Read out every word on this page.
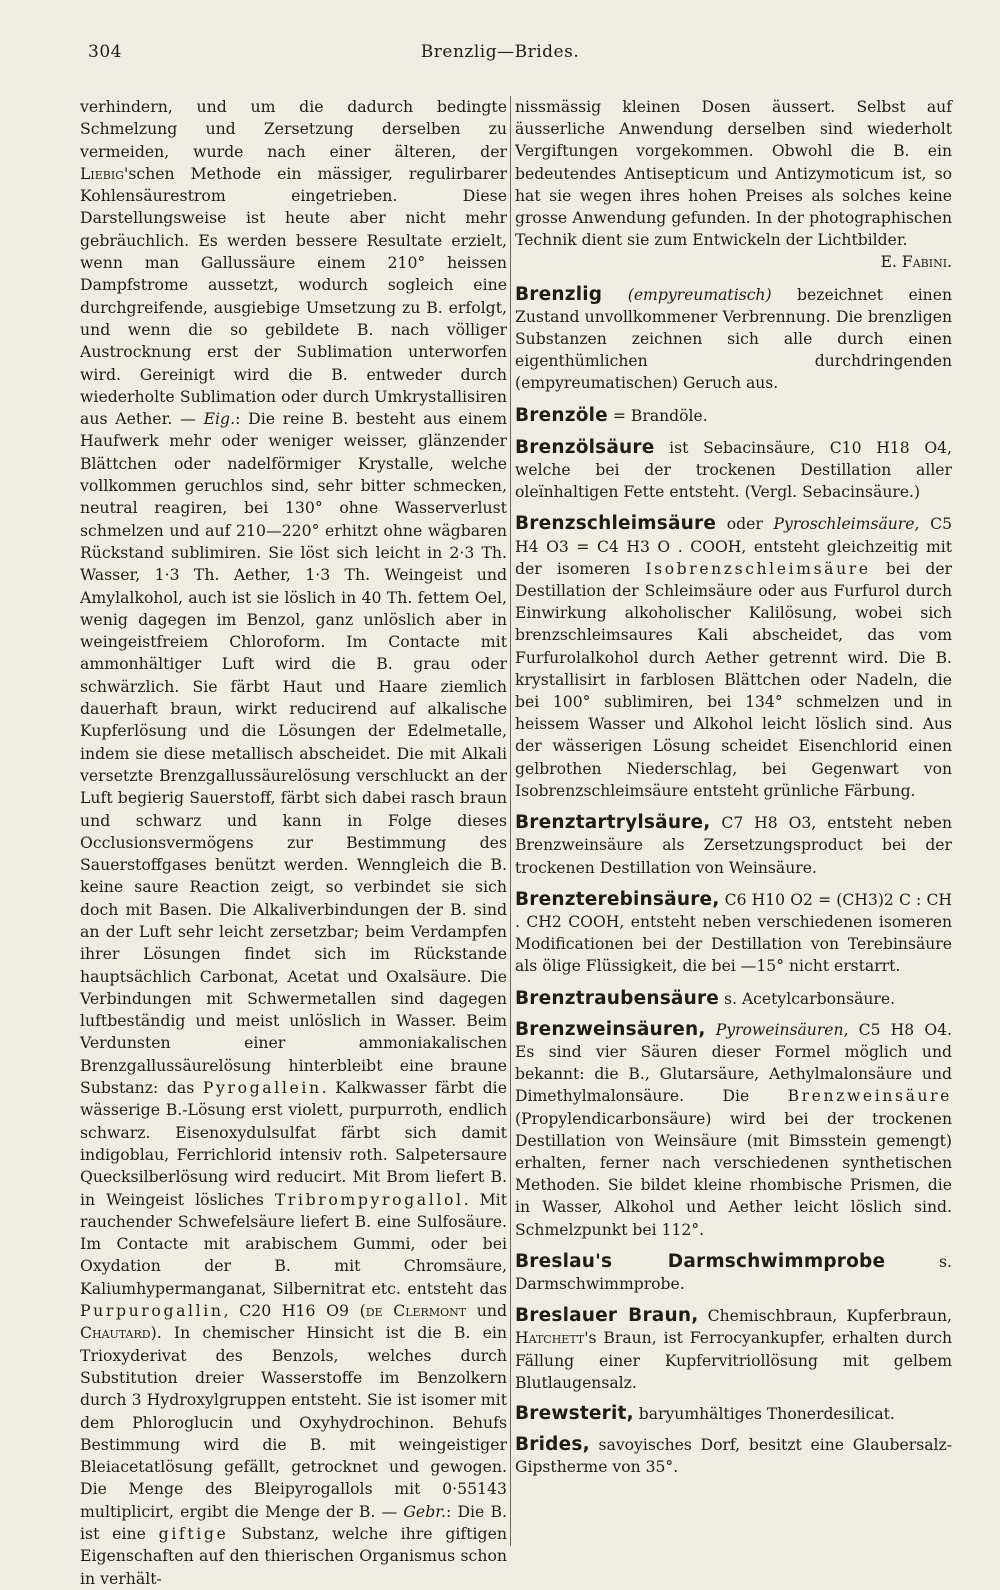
304	Brenzlig—Brides.

verhindern, und um die dadurch bedingte Schmelzung und Zersetzung derselben zu vermeiden, wurde nach einer älteren, der Liebig'schen Methode ein mässiger, regulirbarer Kohlensäurestrom eingetrieben. Diese Darstellungsweise ist heute aber nicht mehr gebräuchlich. Es werden bessere Resultate erzielt, wenn man Gallussäure einem 210° heissen Dampfstrome aussetzt, wodurch sogleich eine durchgreifende, ausgiebige Umsetzung zu B. erfolgt, und wenn die so gebildete B. nach völliger Austrocknung erst der Sublimation unterworfen wird. Gereinigt wird die B. entweder durch wiederholte Sublimation oder durch Umkrystallisiren aus Aether. — Eig.: Die reine B. besteht aus einem Haufwerk mehr oder weniger weisser, glänzender Blättchen oder nadelförmiger Krystalle, welche vollkommen geruchlos sind, sehr bitter schmecken, neutral reagiren, bei 130° ohne Wasserverlust schmelzen und auf 210—220° erhitzt ohne wägbaren Rückstand sublimiren. Sie löst sich leicht in 2·3 Th. Wasser, 1·3 Th. Aether, 1·3 Th. Weingeist und Amylalkohol, auch ist sie löslich in 40 Th. fettem Oel, wenig dagegen im Benzol, ganz unlöslich aber in weingeistfreiem Chloroform. Im Contacte mit ammonhältiger Luft wird die B. grau oder schwärzlich. Sie färbt Haut und Haare ziemlich dauerhaft braun, wirkt reducirend auf alkalische Kupferlösung und die Lösungen der Edelmetalle, indem sie diese metallisch abscheidet. Die mit Alkali versetzte Brenzgallussäurelösung verschluckt an der Luft begierig Sauerstoff, färbt sich dabei rasch braun und schwarz und kann in Folge dieses Occlusionsvermögens zur Bestimmung des Sauerstoffgases benützt werden. Wenngleich die B. keine saure Reaction zeigt, so verbindet sie sich doch mit Basen. Die Alkaliverbindungen der B. sind an der Luft sehr leicht zersetzbar; beim Verdampfen ihrer Lösungen findet sich im Rückstande hauptsächlich Carbonat, Acetat und Oxalsäure. Die Verbindungen mit Schwermetallen sind dagegen luftbeständig und meist unlöslich in Wasser. Beim Verdunsten einer ammoniakalischen Brenzgallussäurelösung hinterbleibt eine braune Substanz: das Pyrogallein. Kalkwasser färbt die wässerige B.-Lösung erst violett, purpurroth, endlich schwarz. Eisenoxydulsulfat färbt sich damit indigoblau, Ferrichlorid intensiv roth. Salpetersaure Quecksilberlösung wird reducirt. Mit Brom liefert B. in Weingeist lösliches Tribrompyrogallol. Mit rauchender Schwefelsäure liefert B. eine Sulfosäure. Im Contacte mit arabischem Gummi, oder bei Oxydation der B. mit Chromsäure, Kaliumhypermanganat, Silbernitrat etc. entsteht das Purpurogallin, C20 H16 O9 (de Clermont und Chautard). In chemischer Hinsicht ist die B. ein Trioxyderivat des Benzols, welches durch Substitution dreier Wasserstoffe im Benzolkern durch 3 Hydroxylgruppen entsteht. Sie ist isomer mit dem Phloroglucin und Oxyhydrochinon. Behufs Bestimmung wird die B. mit weingeistiger Bleiacetatlösung gefällt, getrocknet und gewogen. Die Menge des Bleipyrogallols mit 0·55143 multiplicirt, ergibt die Menge der B. — Gebr.: Die B. ist eine giftige Substanz, welche ihre giftigen Eigenschaften auf den thierischen Organismus schon in verhält-

nissmässig kleinen Dosen äussert. Selbst auf äusserliche Anwendung derselben sind wiederholt Vergiftungen vorgekommen. Obwohl die B. ein bedeutendes Antisepticum und Antizymoticum ist, so hat sie wegen ihres hohen Preises als solches keine grosse Anwendung gefunden. In der photographischen Technik dient sie zum Entwickeln der Lichtbilder.

E. Fabini.

Brenzlig (empyreumatisch) bezeichnet einen Zustand unvollkommener Verbrennung. Die brenzligen Substanzen zeichnen sich alle durch einen eigenthümlichen durchdringenden (empyreumatischen) Geruch aus.

Brenzöle = Brandöle.

Brenzölsäure ist Sebacinsäure, C10 H18 O4, welche bei der trockenen Destillation aller oleïnhaltigen Fette entsteht. (Vergl. Sebacinsäure.)

Brenzschleimsäure oder Pyroschleimsäure, C5 H4 O3 = C4 H3 O . COOH, entsteht gleichzeitig mit der isomeren Isobrenzschleimsäure bei der Destillation der Schleimsäure oder aus Furfurol durch Einwirkung alkoholischer Kalilösung, wobei sich brenzschleimsaures Kali abscheidet, das vom Furfurolalkohol durch Aether getrennt wird. Die B. krystallisirt in farblosen Blättchen oder Nadeln, die bei 100° sublimiren, bei 134° schmelzen und in heissem Wasser und Alkohol leicht löslich sind. Aus der wässerigen Lösung scheidet Eisenchlorid einen gelbrothen Niederschlag, bei Gegenwart von Isobrenzschleimsäure entsteht grünliche Färbung.

Brenztartrylsäure, C7 H8 O3, entsteht neben Brenzweinsäure als Zersetzungsproduct bei der trockenen Destillation von Weinsäure.

Brenzterebinsäure, C6 H10 O2 = (CH3)2 C : CH . CH2 COOH, entsteht neben verschiedenen isomeren Modificationen bei der Destillation von Terebinsäure als ölige Flüssigkeit, die bei —15° nicht erstarrt.

Brenztraubensäure s. Acetylcarbonsäure.

Brenzweinsäuren, Pyroweinsäuren, C5 H8 O4. Es sind vier Säuren dieser Formel möglich und bekannt: die B., Glutarsäure, Aethylmalonsäure und Dimethylmalonsäure. Die Brenzweinsäure (Propylendicarbonsäure) wird bei der trockenen Destillation von Weinsäure (mit Bimsstein gemengt) erhalten, ferner nach verschiedenen synthetischen Methoden. Sie bildet kleine rhombische Prismen, die in Wasser, Alkohol und Aether leicht löslich sind. Schmelzpunkt bei 112°.

Breslau's Darmschwimmprobe s. Darmschwimmprobe.

Breslauer Braun, Chemischbraun, Kupferbraun, Hatchett's Braun, ist Ferrocyankupfer, erhalten durch Fällung einer Kupfervitriollösung mit gelbem Blutlaugensalz.

Brewsterit, baryumhältiges Thonerdesilicat.

Brides, savoyisches Dorf, besitzt eine Glaubersalz-Gipstherme von 35°.
